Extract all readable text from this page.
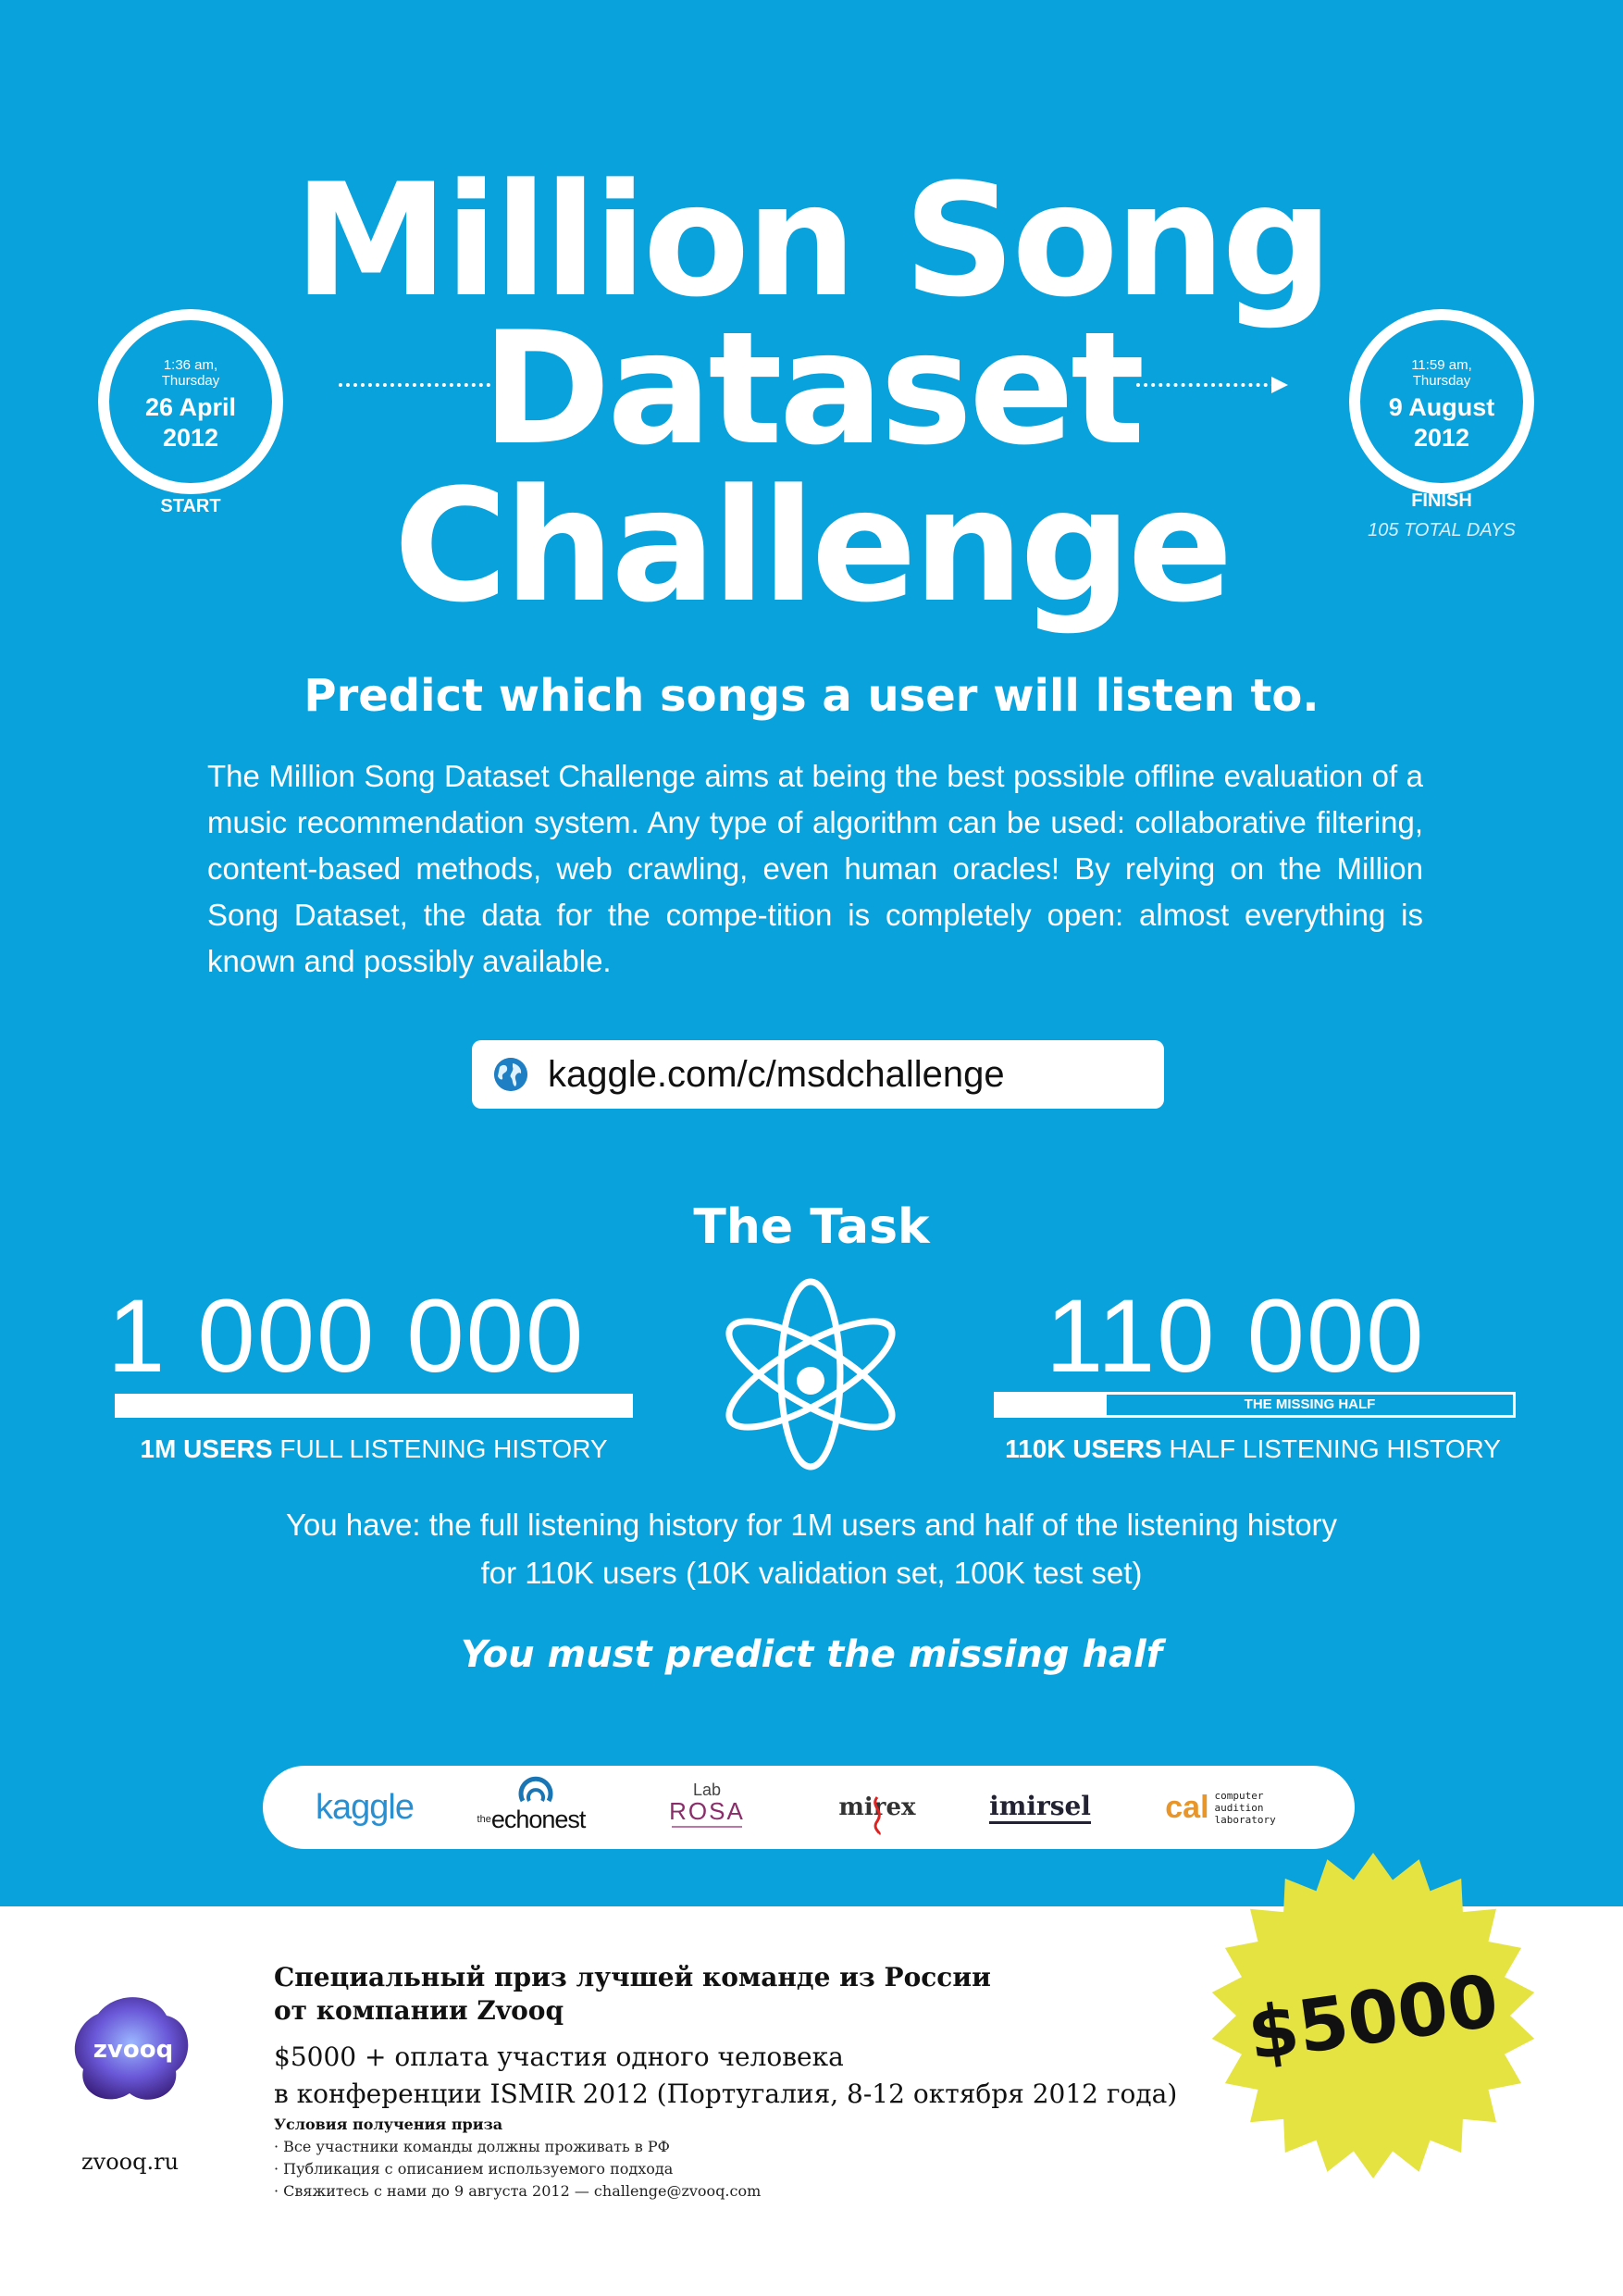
Million Song
Dataset
Challenge
1:36 am,
Thursday
26 April
2012
START
11:59 am,
Thursday
9 August
2012
FINISH
105 TOTAL DAYS
Predict which songs a user will listen to.
The Million Song Dataset Challenge aims at being the best possible offline evaluation of a music recommendation system. Any type of algorithm can be used: collaborative filtering, content-based methods, web crawling, even human oracles! By relying on the Million Song Dataset, the data for the compe-tition is completely open: almost everything is known and possibly available.
kaggle.com/c/msdchallenge
The Task
1 000 000
1M USERS FULL LISTENING HISTORY
110 000
THE MISSING HALF
110K USERS HALF LISTENING HISTORY
You have: the full listening history for 1M users and half of the listening history
for 110K users (10K validation set, 100K test set)
You must predict the missing half
kaggle	the echonest
Lab
ROSA	mirex	imirsel cal computer
audition
laboratory
zvooq
zvooq.ru
Специальный приз лучшей команде из России
от компании Zvooq
$5000 + оплата участия одного человека
в конференции ISMIR 2012 (Португалия, 8-12 октября 2012 года)
Условия получения приза
· Все участники команды должны проживать в РФ
· Публикация с описанием используемого подхода
· Свяжитесь с нами до 9 августа 2012 — challenge@zvooq.com
$5000
